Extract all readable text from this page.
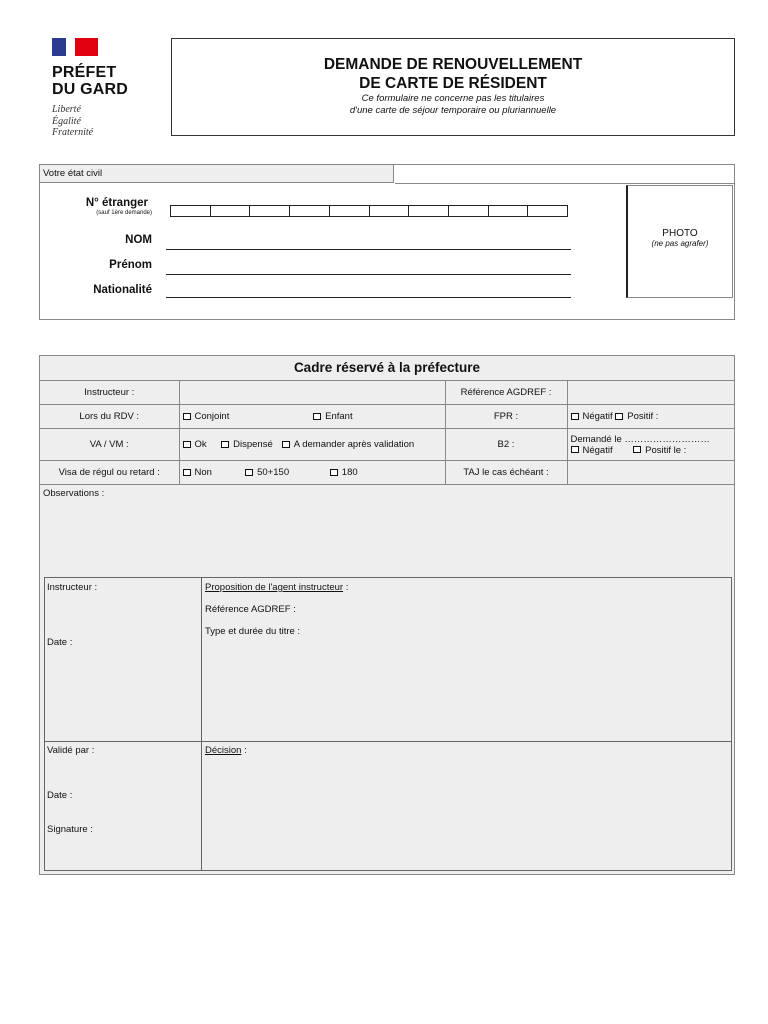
PRÉFET
DU GARD
Liberté
Égalité
Fraternité
DEMANDE DE RENOUVELLEMENT
DE CARTE DE RÉSIDENT
Ce formulaire ne concerne pas les titulaires
d'une carte de séjour temporaire ou pluriannuelle
Votre état civil
N° étranger
(sauf 1ère demande)
NOM
Prénom
Nationalité
PHOTO
(ne pas agrafer)
Cadre réservé à la préfecture
Instructeur :		Référence AGDREF :	
Lors du RDV :	Conjoint Enfant	FPR :	Négatif Positif :
VA / VM :	Ok Dispensé A demander après validation	B2 :	Demandé le ………………………
Négatif Positif le :

Visa de régul ou retard :	Non 50+150 180	TAJ le cas échéant :	
Observations :
Instructeur :
Date :
Proposition de l'agent instructeur :
Référence AGDREF :
Type et durée du titre :
Validé par :
Date :
Signature :
Décision :
